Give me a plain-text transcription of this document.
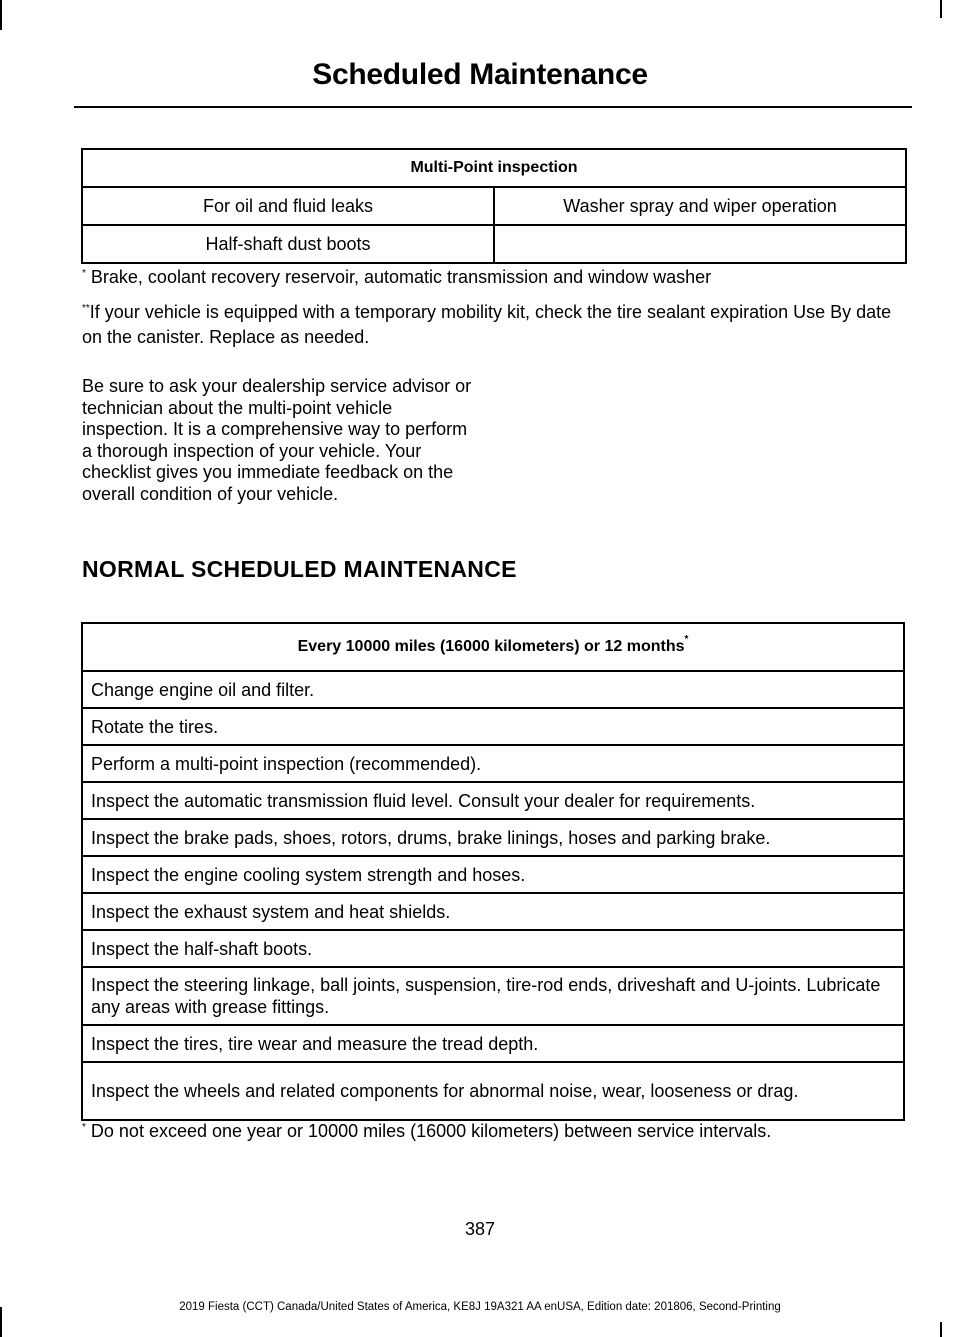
Scheduled Maintenance
Multi-Point inspection	
For oil and fluid leaks	Washer spray and wiper operation
Half-shaft dust boots	
* Brake, coolant recovery reservoir, automatic transmission and window washer
**If your vehicle is equipped with a temporary mobility kit, check the tire sealant expiration Use By date on the canister. Replace as needed.
Be sure to ask your dealership service advisor or technician about the multi-point vehicle inspection. It is a comprehensive way to perform a thorough inspection of your vehicle. Your checklist gives you immediate feedback on the overall condition of your vehicle.
NORMAL SCHEDULED MAINTENANCE
Every 10000 miles (16000 kilometers) or 12 months*
Change engine oil and filter.
Rotate the tires.
Perform a multi-point inspection (recommended).
Inspect the automatic transmission fluid level. Consult your dealer for requirements.
Inspect the brake pads, shoes, rotors, drums, brake linings, hoses and parking brake.
Inspect the engine cooling system strength and hoses.
Inspect the exhaust system and heat shields.
Inspect the half-shaft boots.
Inspect the steering linkage, ball joints, suspension, tire-rod ends, driveshaft and U-joints. Lubricate any areas with grease fittings.
Inspect the tires, tire wear and measure the tread depth.
Inspect the wheels and related components for abnormal noise, wear, looseness or drag.
* Do not exceed one year or 10000 miles (16000 kilometers) between service intervals.
387
2019 Fiesta (CCT) Canada/United States of America, KE8J 19A321 AA enUSA, Edition date: 201806, Second-Printing
